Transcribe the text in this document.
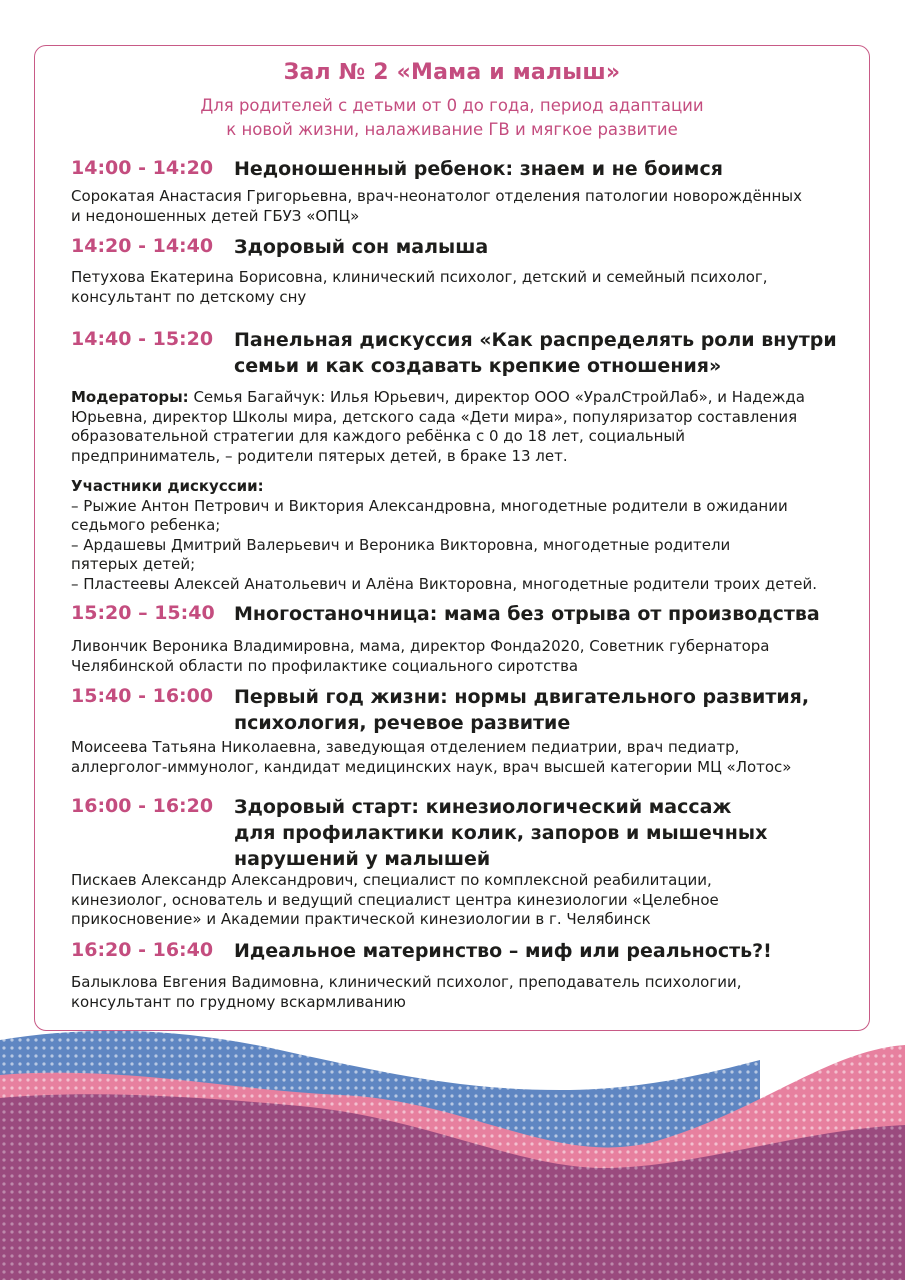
Зал № 2 «Мама и малыш»
Для родителей с детьми от 0 до года, период адаптации
к новой жизни, налаживание ГВ и мягкое развитие
14:00 - 14:20 Недоношенный ребенок: знаем и не боимся
Сорокатая Анастасия Григорьевна, врач-неонатолог отделения патологии новорождённых
и недоношенных детей ГБУЗ «ОПЦ»
14:20 - 14:40 Здоровый сон малыша
Петухова Екатерина Борисовна, клинический психолог, детский и семейный психолог,
консультант по детскому сну
14:40 - 15:20 Панельная дискуссия «Как распределять роли внутри
семьи и как создавать крепкие отношения»
Модераторы: Семья Багайчук: Илья Юрьевич, директор ООО «УралСтройЛаб», и Надежда
Юрьевна, директор Школы мира, детского сада «Дети мира», популяризатор составления
образовательной стратегии для каждого ребёнка с 0 до 18 лет, социальный
предприниматель, – родители пятерых детей, в браке 13 лет.
Участники дискуссии:
– Рыжие Антон Петрович и Виктория Александровна, многодетные родители в ожидании
седьмого ребенка;
– Ардашевы Дмитрий Валерьевич и Вероника Викторовна, многодетные родители
пятерых детей;
– Пластеевы Алексей Анатольевич и Алёна Викторовна, многодетные родители троих детей.
15:20 – 15:40 Многостаночница: мама без отрыва от производства
Ливончик Вероника Владимировна, мама, директор Фонда2020, Советник губернатора
Челябинской области по профилактике социального сиротства
15:40 - 16:00 Первый год жизни: нормы двигательного развития,
психология, речевое развитие
Моисеева Татьяна Николаевна, заведующая отделением педиатрии, врач педиатр,
аллерголог-иммунолог, кандидат медицинских наук, врач высшей категории МЦ «Лотос»
16:00 - 16:20 Здоровый старт: кинезиологический массаж
для профилактики колик, запоров и мышечных
нарушений у малышей
Пискаев Александр Александрович, специалист по комплексной реабилитации,
кинезиолог, основатель и ведущий специалист центра кинезиологии «Целебное
прикосновение» и Академии практической кинезиологии в г. Челябинск
16:20 - 16:40 Идеальное материнство – миф или реальность?!
Балыклова Евгения Вадимовна, клинический психолог, преподаватель психологии,
консультант по грудному вскармливанию
